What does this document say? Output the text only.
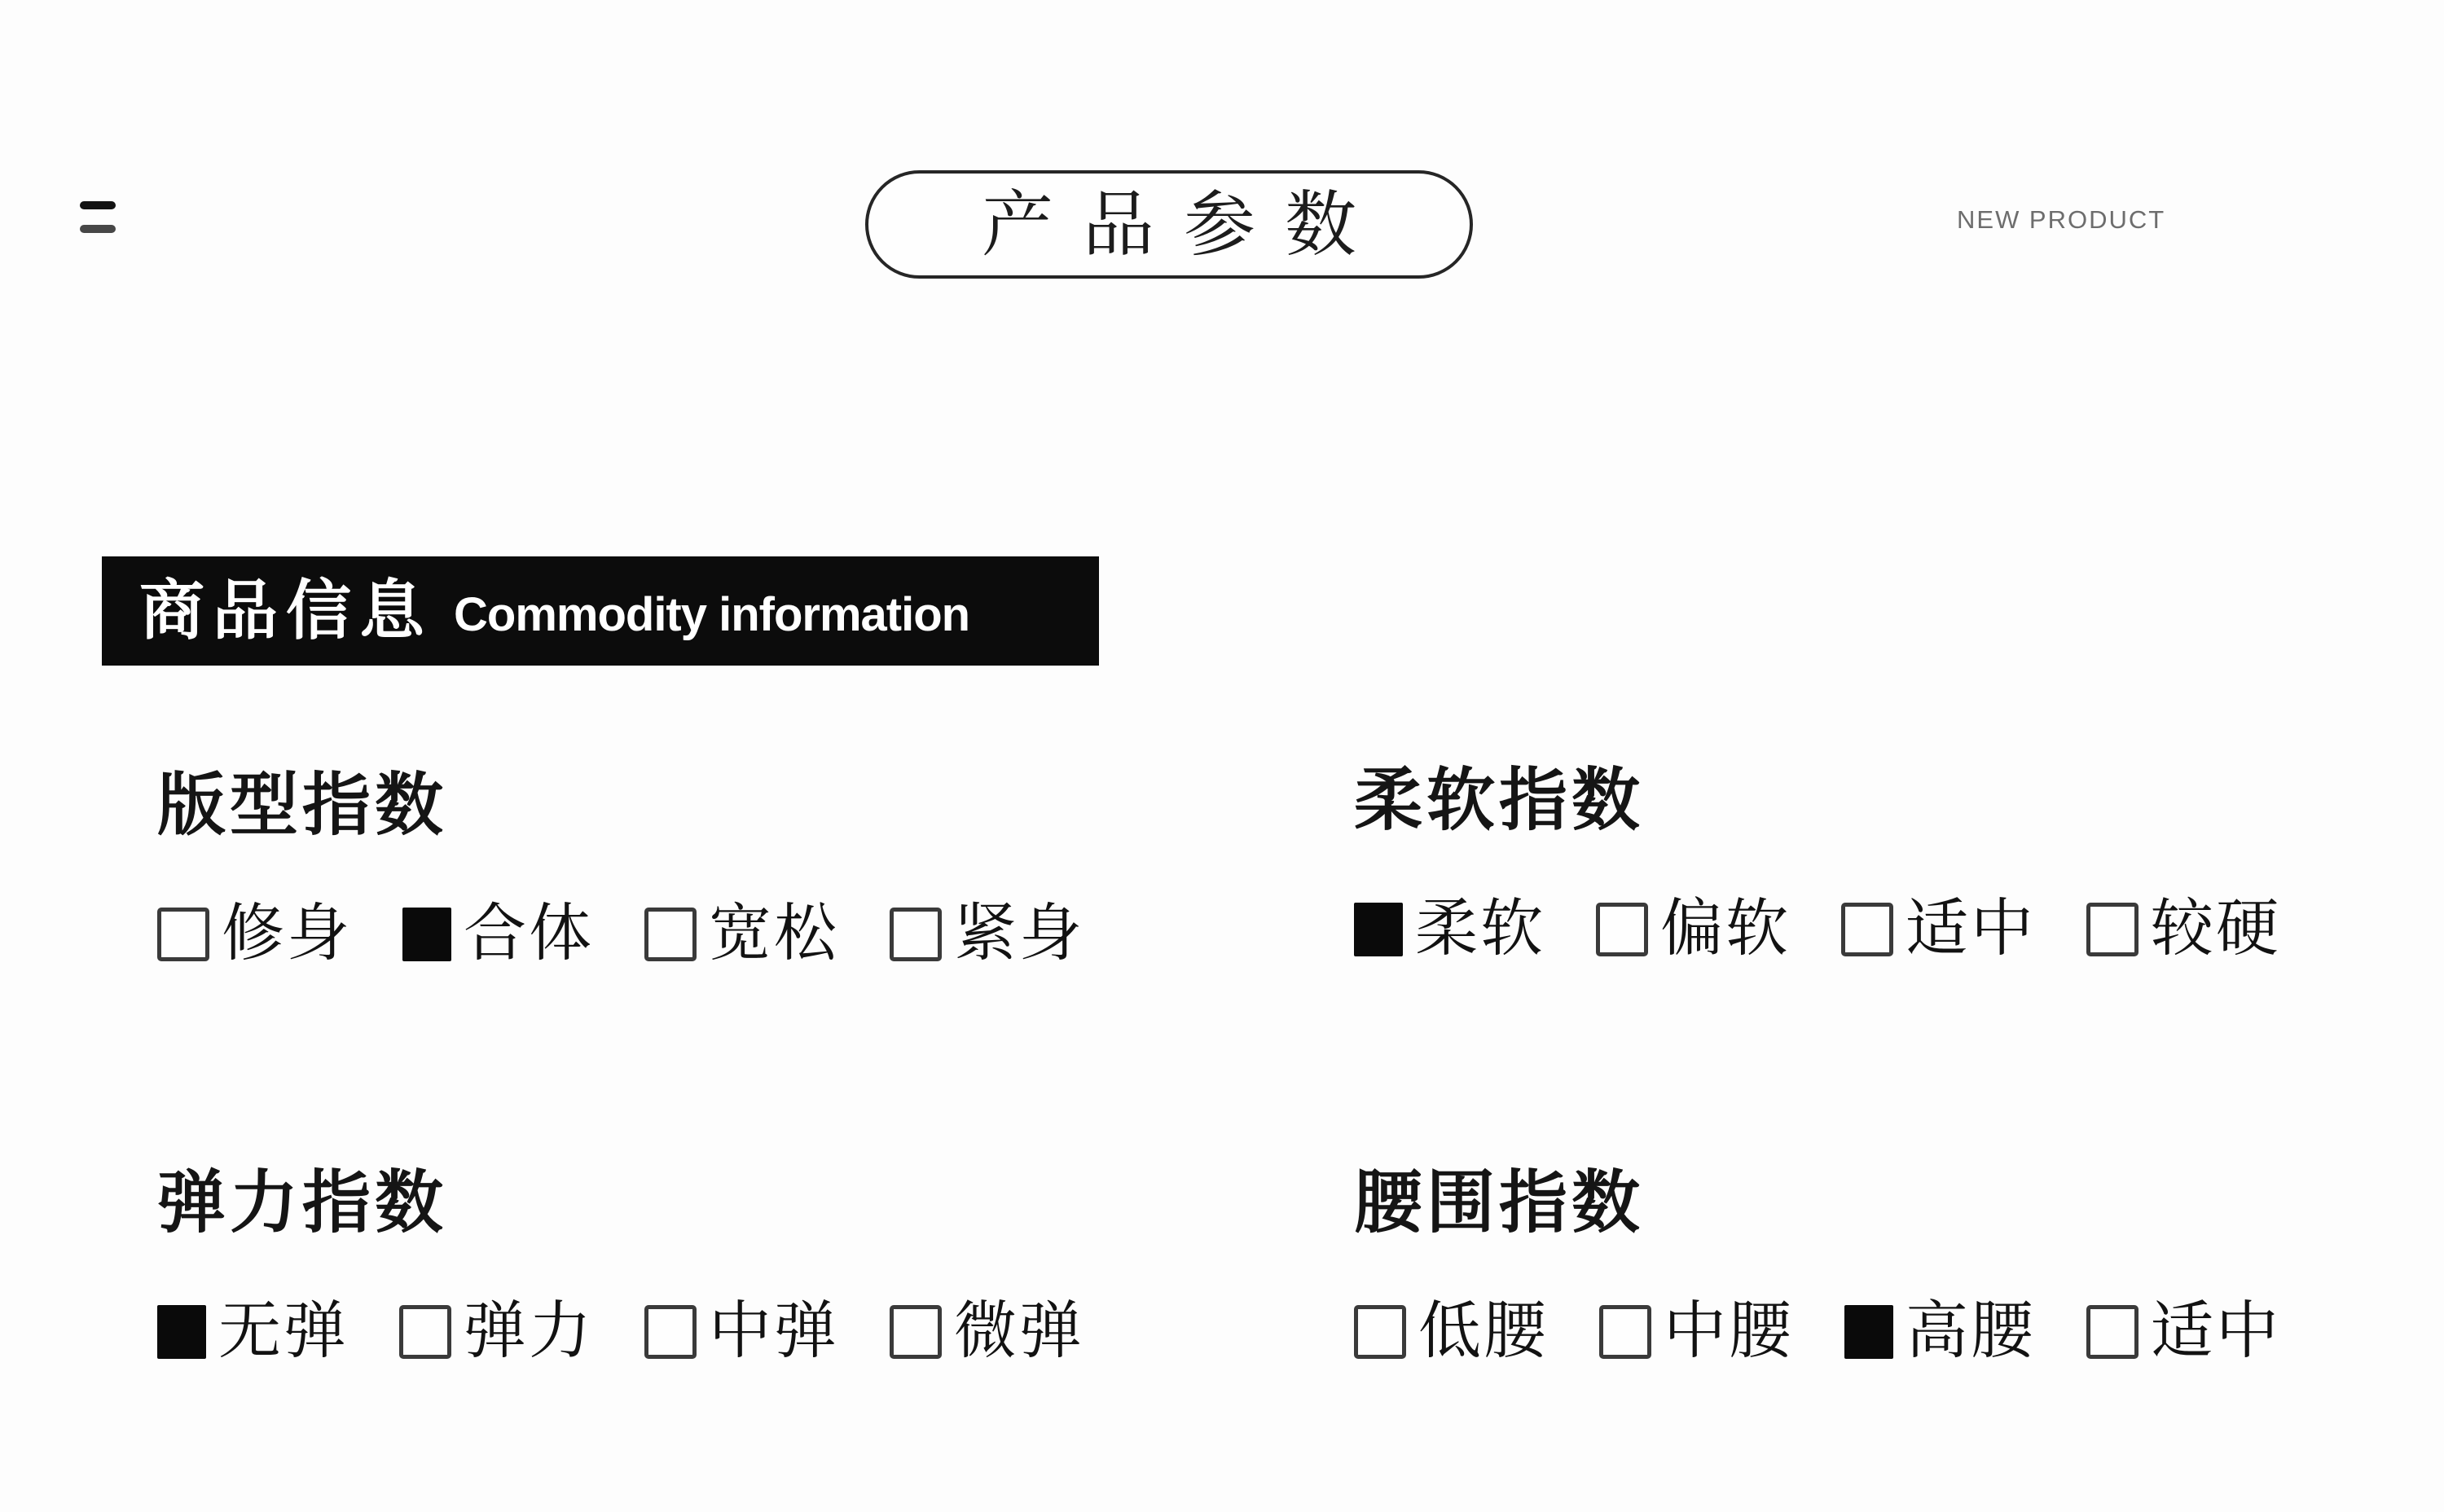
产品参数	NEW PRODUCT
商品信息 Commodity information
版型指数
修身 合体 宽松 紧身
柔软指数
柔软 偏软 适中 较硬
弹力指数
无弹 弹力 中弹 微弹
腰围指数
低腰 中腰 高腰 适中
